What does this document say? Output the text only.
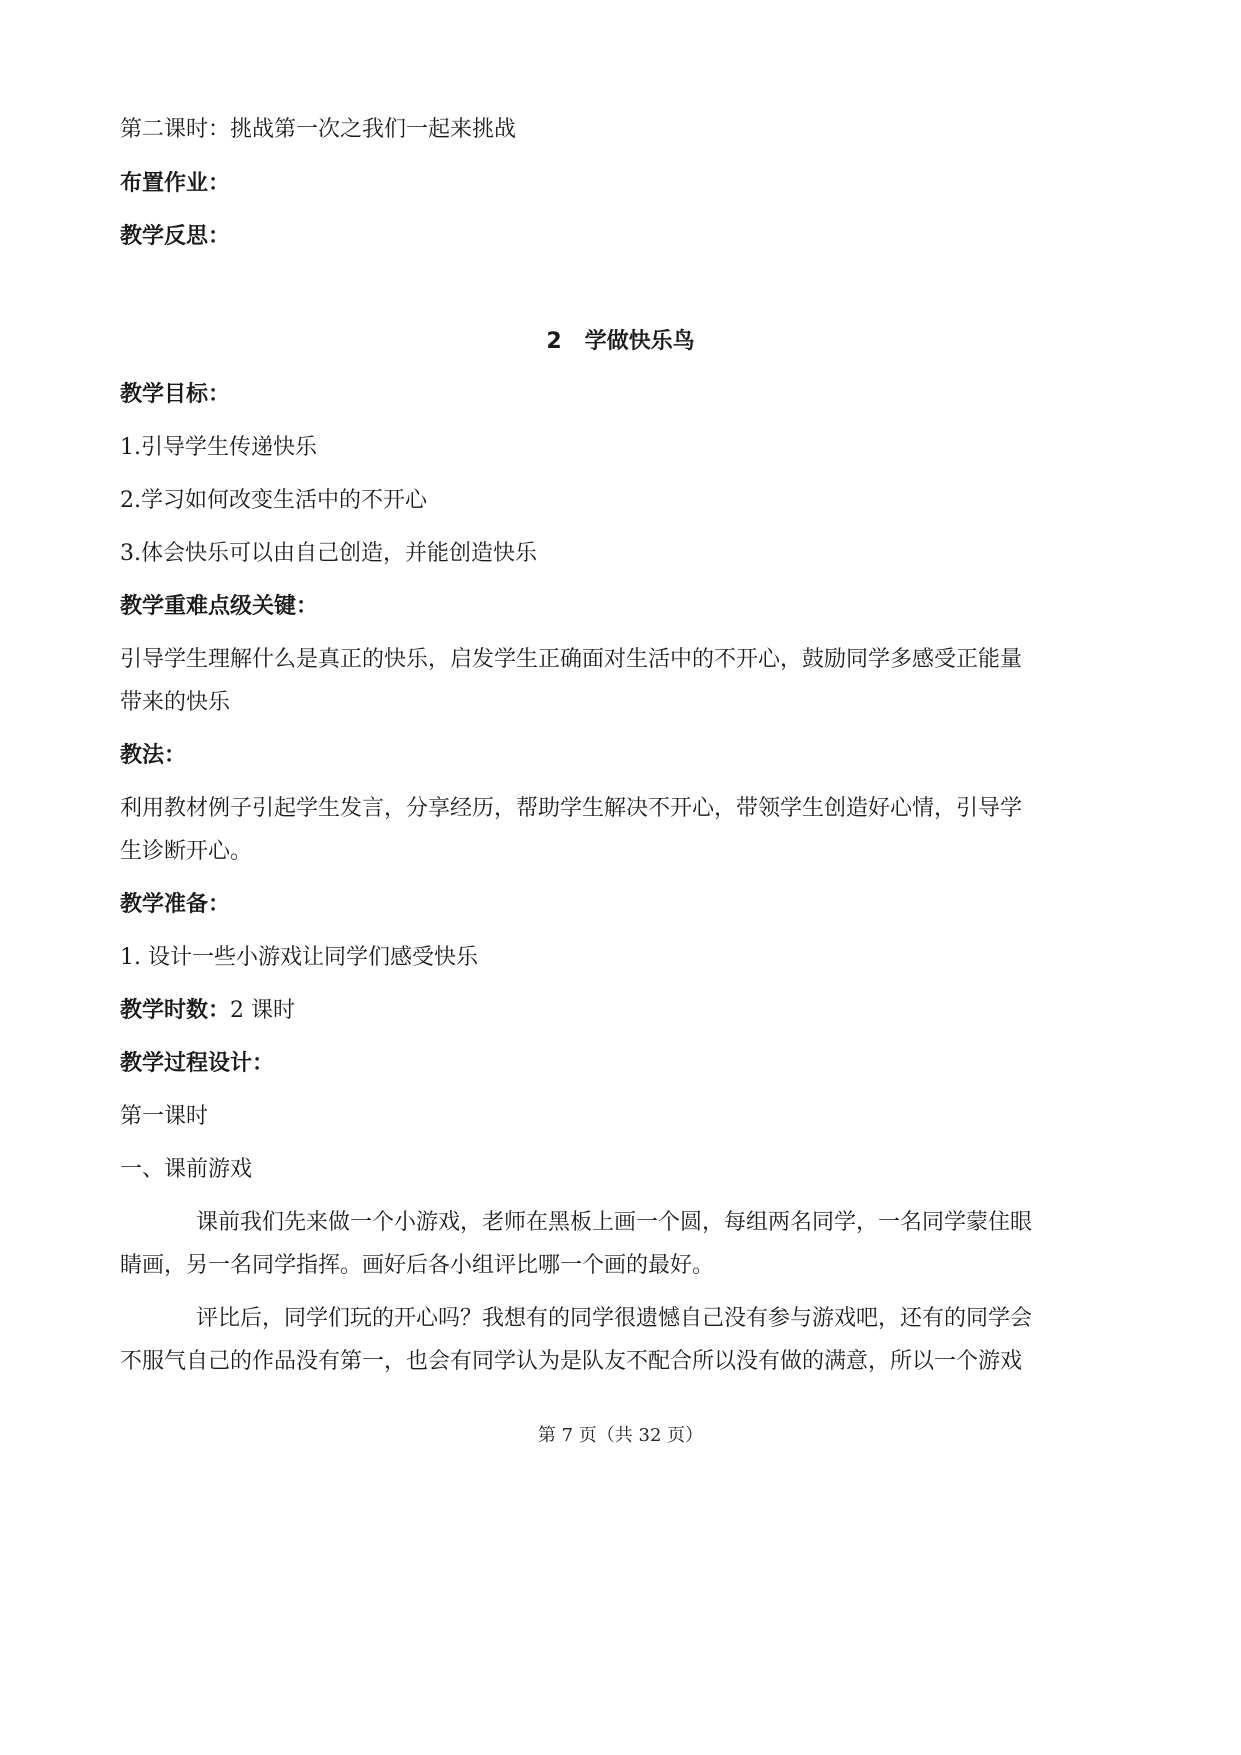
第二课时：挑战第一次之我们一起来挑战
布置作业：
教学反思：
2   学做快乐鸟
教学目标：
1.引导学生传递快乐
2.学习如何改变生活中的不开心
3.体会快乐可以由自己创造，并能创造快乐
教学重难点级关键：
引导学生理解什么是真正的快乐，启发学生正确面对生活中的不开心，鼓励同学多感受正能量
带来的快乐
教法：
利用教材例子引起学生发言，分享经历，帮助学生解决不开心，带领学生创造好心情，引导学
生诊断开心。
教学准备：
1. 设计一些小游戏让同学们感受快乐
教学时数：2 课时
教学过程设计：
第一课时
一、课前游戏
课前我们先来做一个小游戏，老师在黑板上画一个圆，每组两名同学，一名同学蒙住眼
睛画，另一名同学指挥。画好后各小组评比哪一个画的最好。
评比后，同学们玩的开心吗？我想有的同学很遗憾自己没有参与游戏吧，还有的同学会
不服气自己的作品没有第一，也会有同学认为是队友不配合所以没有做的满意，所以一个游戏
第 7 页（共 32 页）
